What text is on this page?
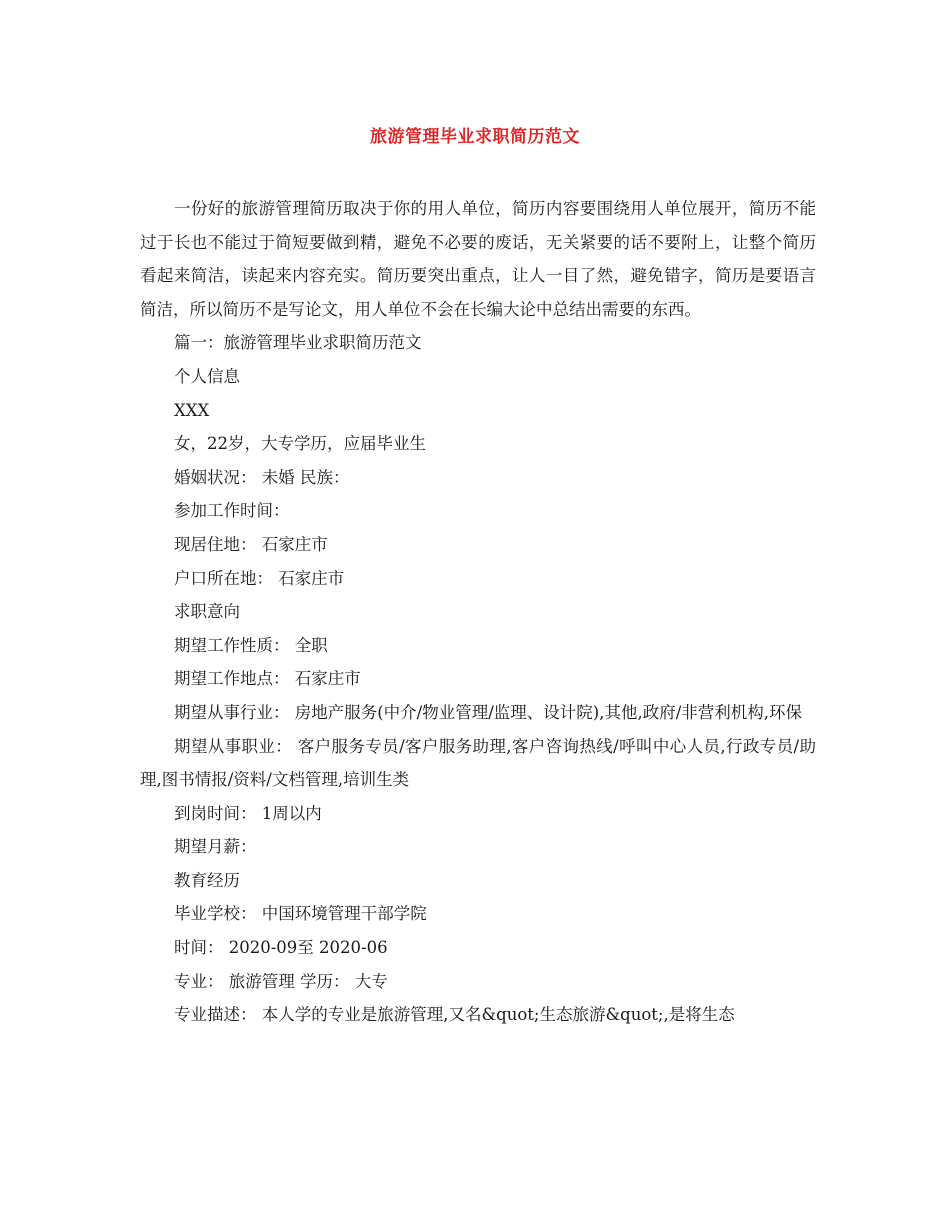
旅游管理毕业求职简历范文

一份好的旅游管理简历取决于你的用人单位，简历内容要围绕用人单位展开，简历不能过于长也不能过于简短要做到精，避免不必要的废话，无关紧要的话不要附上，让整个简历看起来简洁，读起来内容充实。简历要突出重点，让人一目了然，避免错字，简历是要语言简洁，所以简历不是写论文，用人单位不会在长编大论中总结出需要的东西。

篇一：旅游管理毕业求职简历范文

个人信息

XXX

女，22岁，大专学历，应届毕业生

婚姻状况： 未婚 民族：

参加工作时间：

现居住地： 石家庄市

户口所在地： 石家庄市

求职意向

期望工作性质： 全职

期望工作地点： 石家庄市

期望从事行业： 房地产服务(中介/物业管理/监理、设计院),其他,政府/非营利机构,环保

期望从事职业： 客户服务专员/客户服务助理,客户咨询热线/呼叫中心人员,行政专员/助理,图书情报/资料/文档管理,培训生类

到岗时间： 1周以内

期望月薪：

教育经历

毕业学校： 中国环境管理干部学院

时间： 2020-09至 2020-06

专业： 旅游管理 学历： 大专

专业描述： 本人学的专业是旅游管理,又名&quot;生态旅游&quot;,是将生态
